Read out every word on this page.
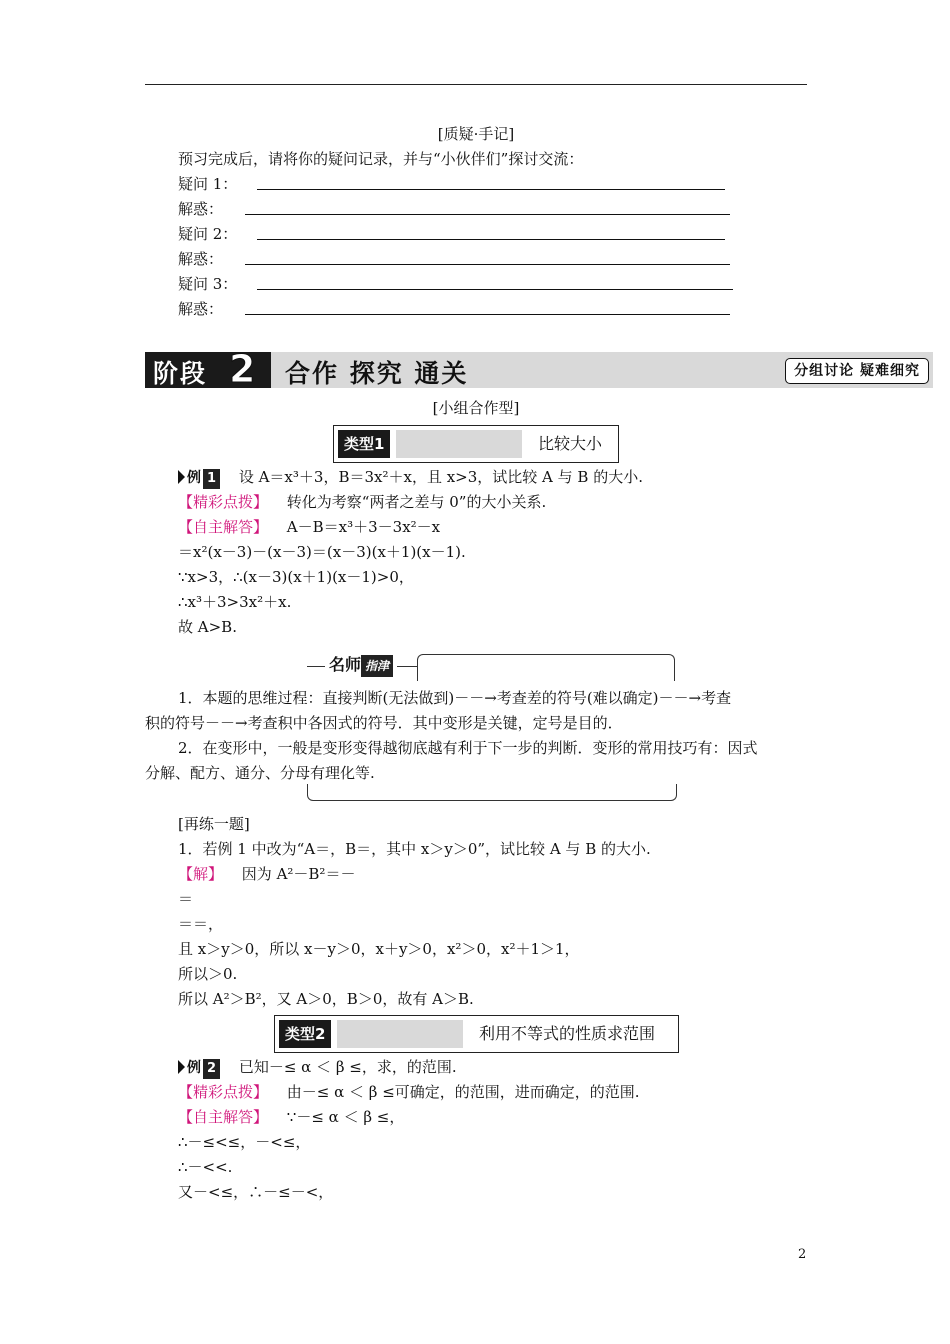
[质疑·手记]
预习完成后，请将你的疑问记录，并与“小伙伴们”探讨交流：
疑问 1：
解惑：
疑问 2：
解惑：
疑问 3：
解惑：
阶段 2 合作 探究 通关	分组讨论 疑难细究
[小组合作型]
类型1	比较大小
例 1 设 A＝x³＋3，B＝3x²＋x，且 x>3，试比较 A 与 B 的大小.
【精彩点拨】 转化为考察“两者之差与 0”的大小关系.
【自主解答】 A－B＝x³＋3－3x²－x
＝x²(x－3)－(x－3)＝(x－3)(x＋1)(x－1).
∵x>3，∴(x－3)(x＋1)(x－1)>0，
∴x³＋3>3x²＋x.
故 A>B.
名师 指津
1．本题的思维过程：直接判断(无法做到)－－→考查差的符号(难以确定)－－→考查
积的符号－－→考查积中各因式的符号．其中变形是关键，定号是目的．
2．在变形中，一般是变形变得越彻底越有利于下一步的判断．变形的常用技巧有：因式
分解、配方、通分、分母有理化等.
[再练一题]
1．若例 1 中改为“A＝，B＝，其中 x＞y＞0”，试比较 A 与 B 的大小.
【解】 因为 A²－B²＝－
＝
＝＝，
且 x＞y＞0，所以 x－y＞0，x＋y＞0，x²＞0，x²＋1＞1，
所以＞0.
所以 A²＞B²，又 A＞0，B＞0，故有 A＞B.
类型2	利用不等式的性质求范围
例 2 已知－≤ α ＜ β ≤，求，的范围.
【精彩点拨】 由－≤ α ＜ β ≤可确定，的范围，进而确定，的范围.
【自主解答】 ∵－≤ α ＜ β ≤，
∴－≤<≤，－<≤，
∴－<<.
又－<≤，∴－≤－<，
2
